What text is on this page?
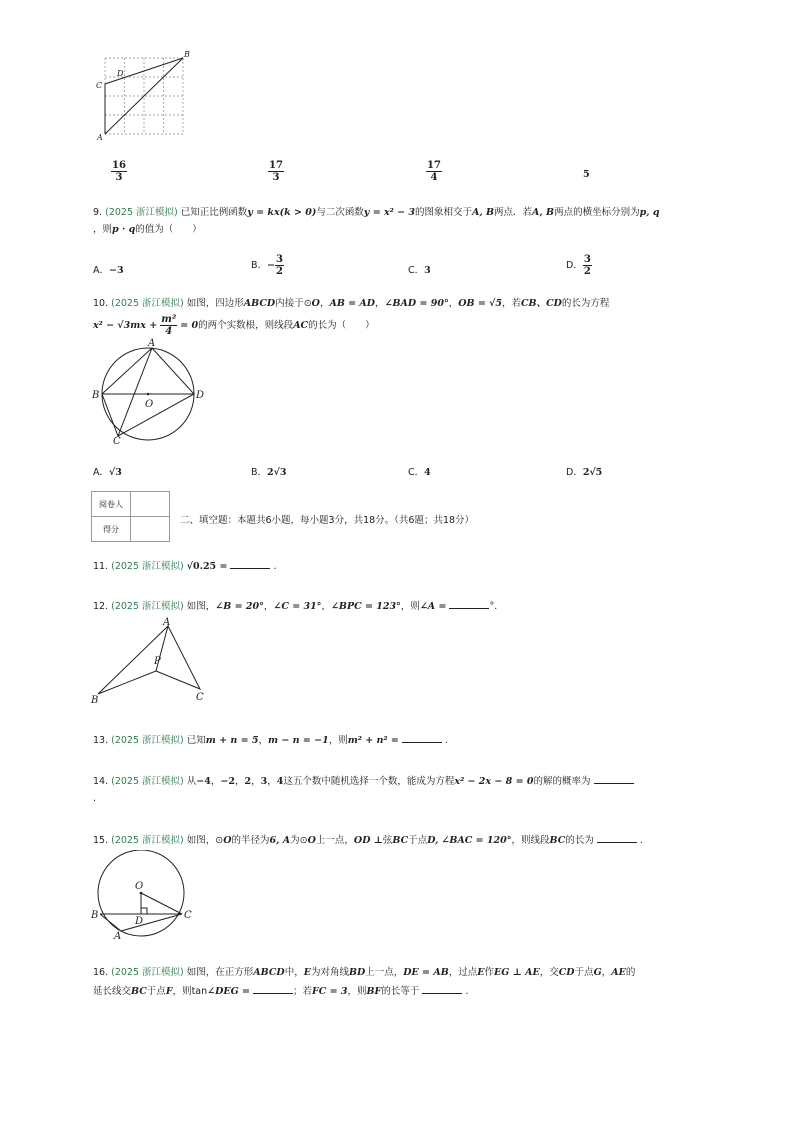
A
B
C
D
$\frac{16}{3}$	$\frac{17}{3}$	$\frac{17}{4}$	5
9. (2025 浙江模拟) 已知正比例函数y = kx(k > 0)与二次函数y = x² − 3的图象相交于A, B两点．若A, B两点的横坐标分别为p, q
，则p · q的值为（　　）
A．−3	B．− $\frac{3}{2}$	C．3	D． $\frac{3}{2}$
10. (2025 浙江模拟) 如图，四边形ABCD内接于⊙O，AB = AD，∠BAD = 90°，OB = √5，若CB、CD的长为方程
$x^2 - √3mx + \frac{\text{m²}}{4} = 0$的两个实数根，则线段AC的长为（　　）
A
B
C
D
O
A．√3	B．2√3	C．4	D．2√5
阅卷人	
得分	
二、填空题：本题共6小题，每小题3分，共18分。（共6题；共18分）
11. (2025 浙江模拟) √0.25 =	.
12. (2025 浙江模拟) 如图，∠B = 20°，∠C = 31°，∠BPC = 123°，则∠A =	°.
A
B	C
P
13. (2025 浙江模拟) 已知m + n = 5，m − n = −1，则m² + n² =	.
14. (2025 浙江模拟) 从−4，−2，2，3，4这五个数中随机选择一个数，能成为方程x² − 2x − 8 = 0的解的概率为
.
15. (2025 浙江模拟) 如图，⊙O的半径为6, A为⊙O上一点，OD ⊥弦BC于点D, ∠BAC = 120°，则线段BC的长为	.
A
B	C
D
O
16. (2025 浙江模拟) 如图，在正方形ABCD中，E为对角线BD上一点，DE = AB，过点E作EG ⊥ AE，交CD于点G，AE的
延长线交BC于点F，则tan∠DEG =	；若FC = 3，则BF的长等于	.
